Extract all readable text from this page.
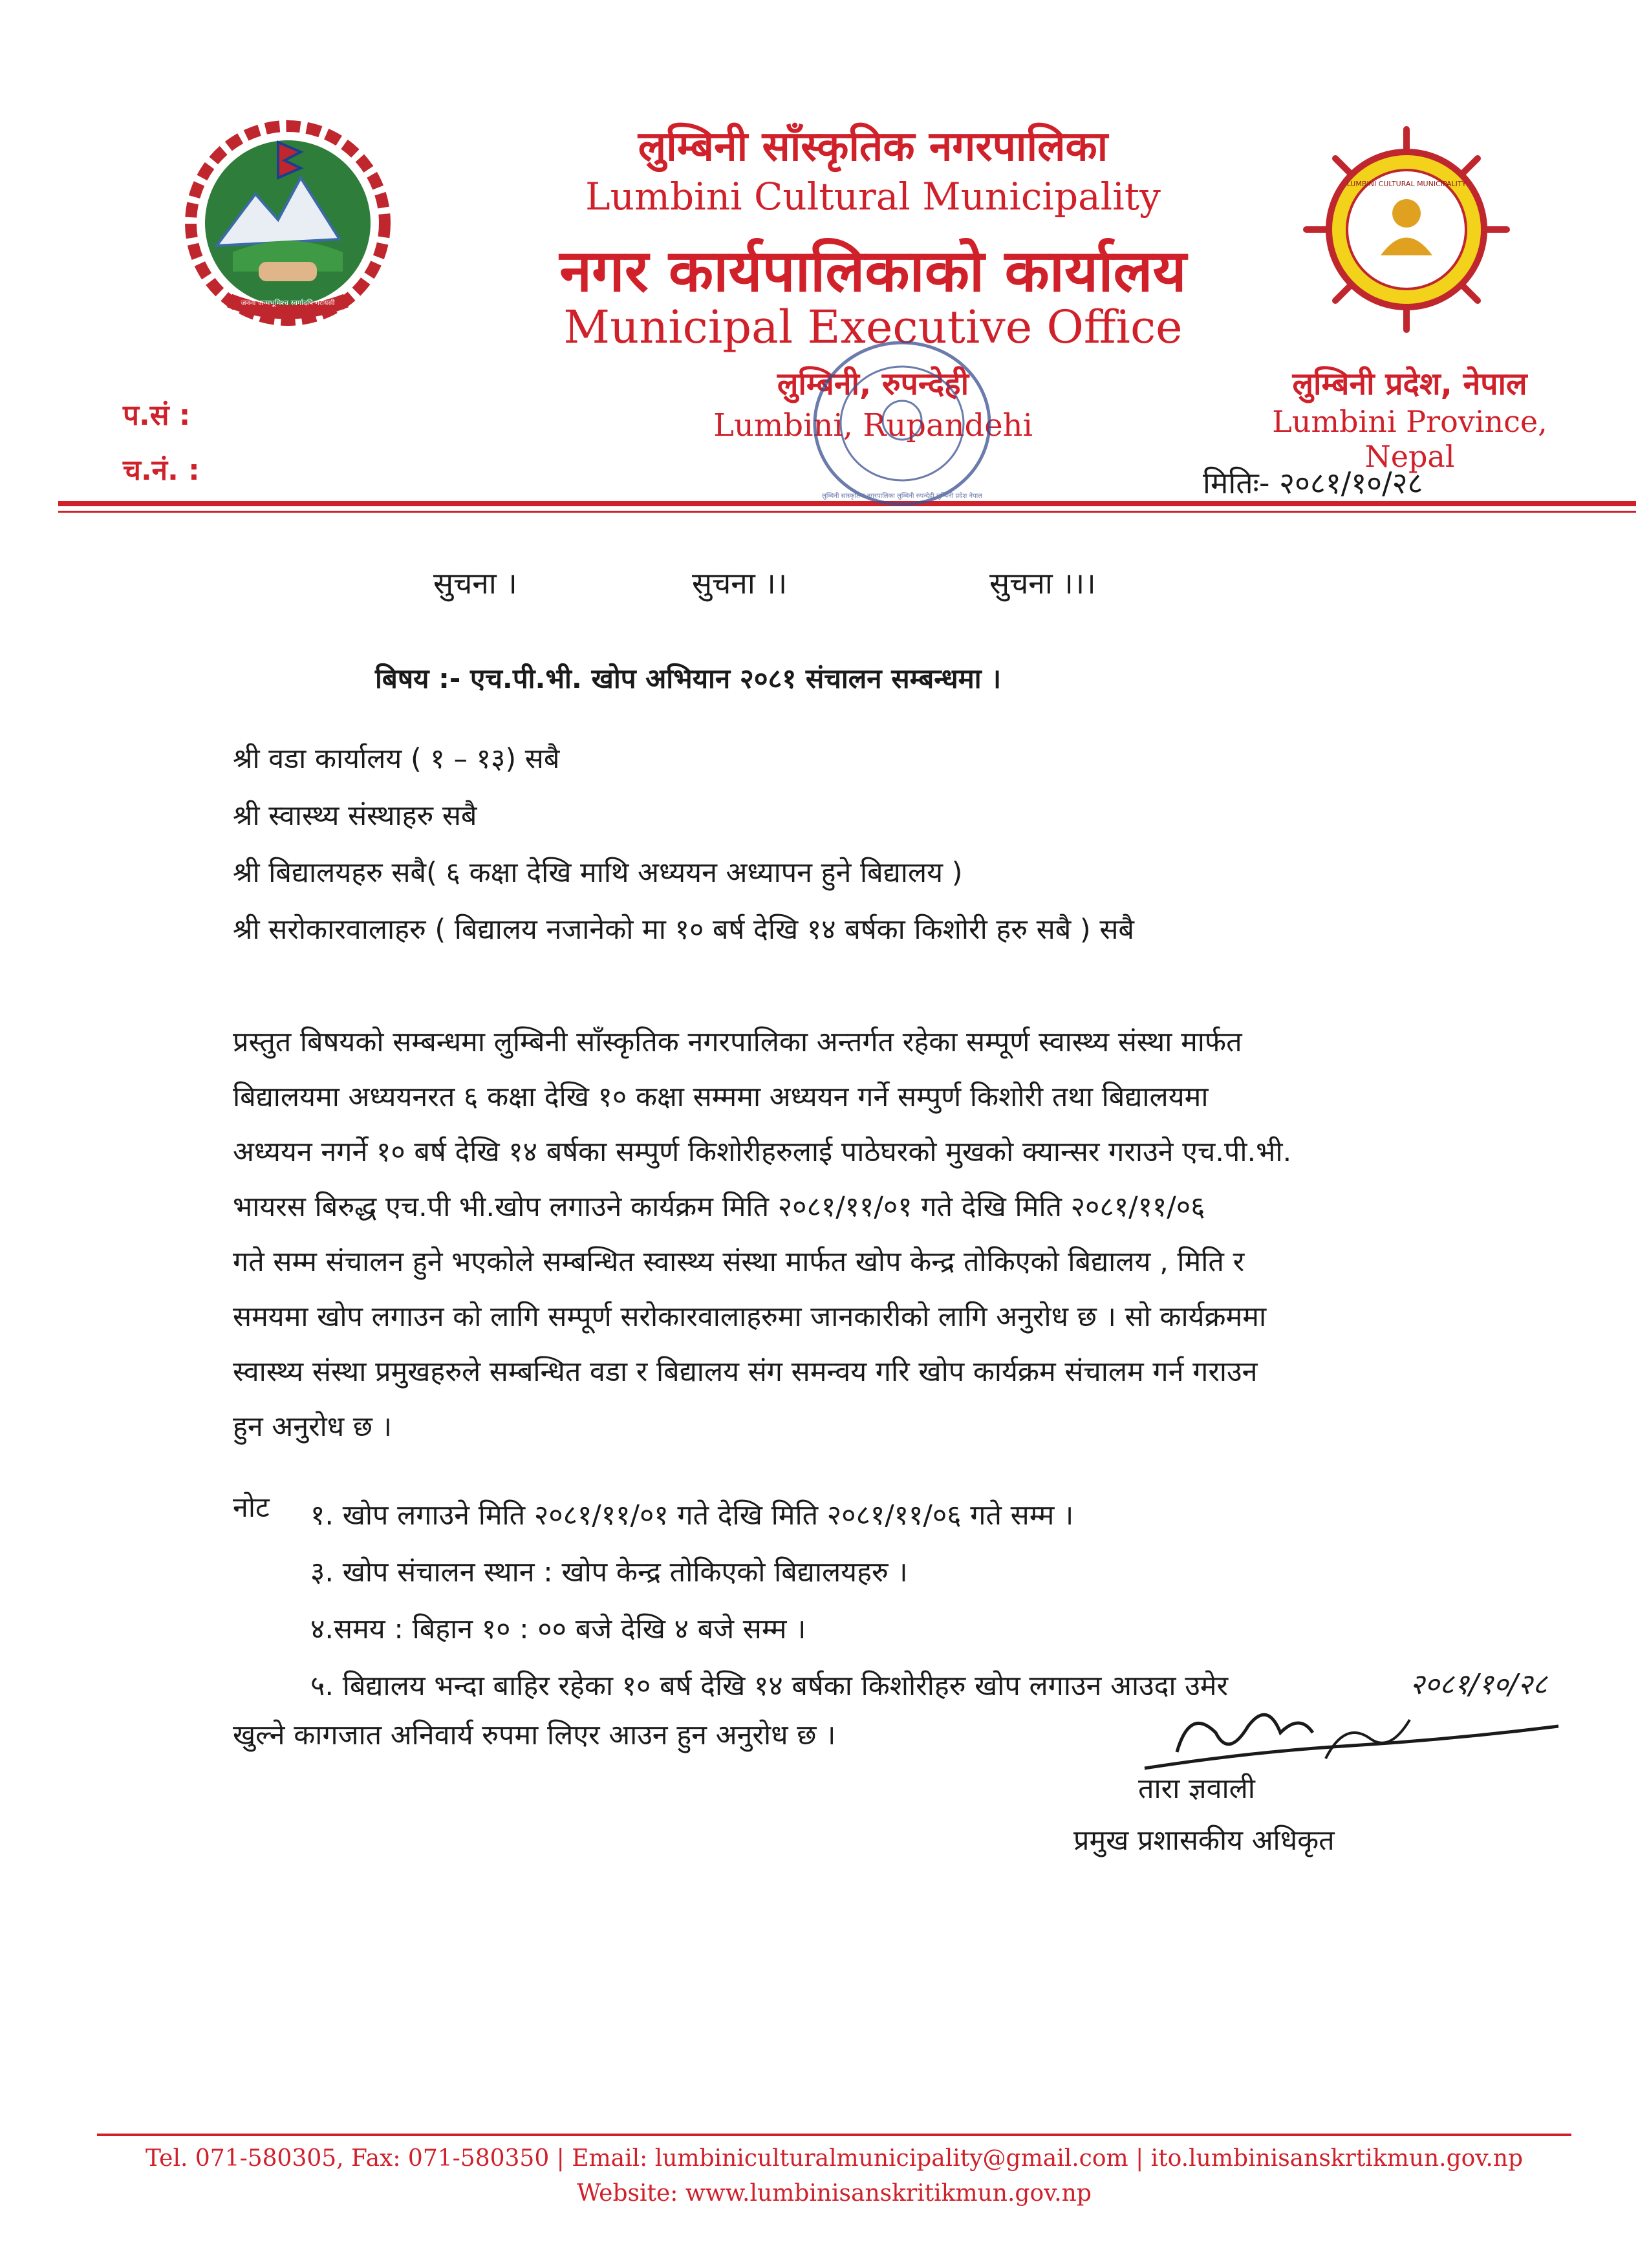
जननी जन्मभूमिश्च स्वर्गादपि गरीयसी
लुम्बिनी साँस्कृतिक नगरपालिका
Lumbini Cultural Municipality
नगर कार्यपालिकाको कार्यालय
Municipal Executive Office
लुम्बिनी, रुपन्देही
Lumbini, Rupandehi
LUMBINI CULTURAL MUNICIPALITY
लुम्बिनी प्रदेश, नेपाल
Lumbini Province, Nepal
प.सं :
च.नं. :	मितिः- २०८१/१०/२८
लुम्बिनी सांस्कृतिक नगरपालिका लुम्बिनी रुपन्देही लुम्बिनी प्रदेश नेपाल
सुचना ।	सुचना ।।	सुचना ।।।
बिषय :- एच.पी.भी. खोप अभियान २०८१ संचालन सम्बन्धमा ।
श्री वडा कार्यालय ( १ – १३) सबै
श्री स्वास्थ्य संस्थाहरु सबै
श्री बिद्यालयहरु सबै( ६ कक्षा देखि माथि अध्ययन अध्यापन हुने बिद्यालय )
श्री सरोकारवालाहरु ( बिद्यालय नजानेको मा १० बर्ष देखि १४ बर्षका किशोरी हरु सबै ) सबै
प्रस्तुत बिषयको सम्बन्धमा लुम्बिनी साँस्कृतिक नगरपालिका अन्तर्गत रहेका सम्पूर्ण स्वास्थ्य संस्था मार्फत
बिद्यालयमा अध्ययनरत ६ कक्षा देखि १० कक्षा सम्ममा अध्ययन गर्ने सम्पुर्ण किशोरी तथा बिद्यालयमा
अध्ययन नगर्ने १० बर्ष देखि १४ बर्षका सम्पुर्ण किशोरीहरुलाई पाठेघरको मुखको क्यान्सर गराउने एच.पी.भी.
भायरस बिरुद्ध एच.पी भी.खोप लगाउने कार्यक्रम मिति २०८१/११/०१ गते देखि मिति २०८१/११/०६
गते सम्म संचालन हुने भएकोले सम्बन्धित स्वास्थ्य संस्था मार्फत खोप केन्द्र तोकिएको बिद्यालय , मिति र
समयमा खोप लगाउन को लागि सम्पूर्ण सरोकारवालाहरुमा जानकारीको लागि अनुरोध छ । सो कार्यक्रममा
स्वास्थ्य संस्था प्रमुखहरुले सम्बन्धित वडा र बिद्यालय संग समन्वय गरि खोप कार्यक्रम संचालम गर्न गराउन
हुन अनुरोध छ ।
नोट १. खोप लगाउने मिति २०८१/११/०१ गते देखि मिति २०८१/११/०६ गते सम्म ।
३. खोप संचालन स्थान : खोप केन्द्र तोकिएको बिद्यालयहरु ।
४.समय : बिहान १० : ०० बजे देखि ४ बजे सम्म ।
५. बिद्यालय भन्दा बाहिर रहेका १० बर्ष देखि १४ बर्षका किशोरीहरु खोप लगाउन आउदा उमेर
खुल्ने कागजात अनिवार्य रुपमा लिएर आउन हुन अनुरोध छ ।
२०८१/१०/२८
तारा ज्ञवाली
प्रमुख प्रशासकीय अधिकृत
Tel. 071-580305, Fax: 071-580350 | Email: lumbiniculturalmunicipality@gmail.com | ito.lumbinisanskrtikmun.gov.np
Website: www.lumbinisanskritikmun.gov.np
